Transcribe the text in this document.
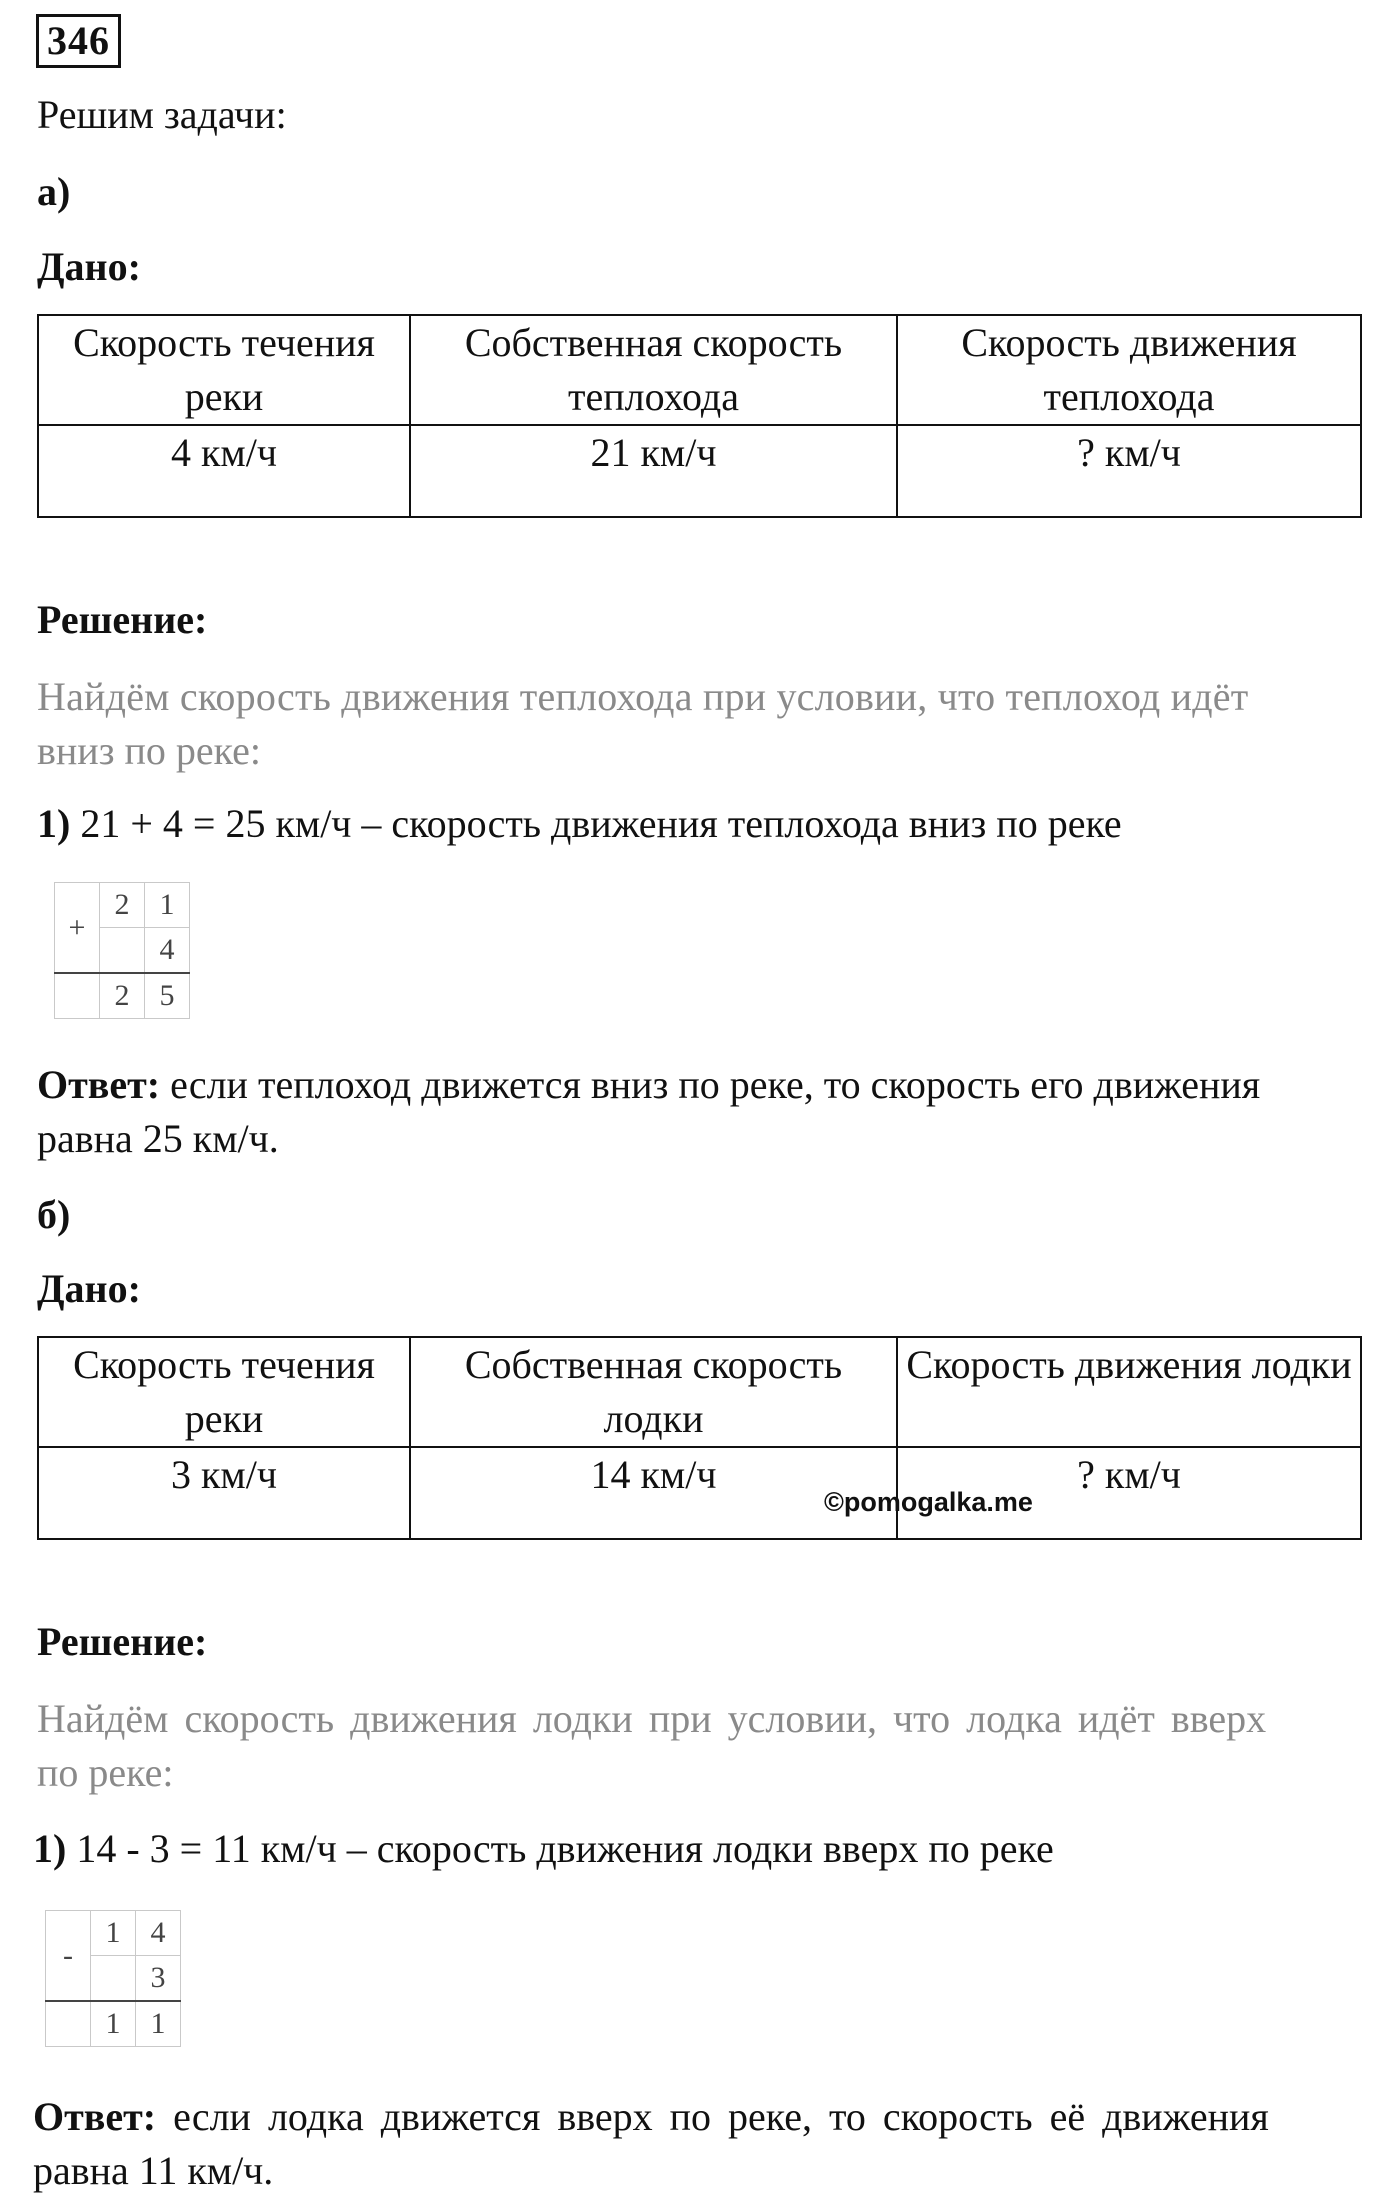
346
Решим задачи:
а)
Дано:
Скорость течения реки	Собственная скорость теплохода	Скорость движения теплохода
4 км/ч	21 км/ч	? км/ч
Решение:
Найдём скорость движения теплохода при условии, что теплоход идёт
вниз по реке:
1) 21 + 4 = 25 км/ч – скорость движения теплохода вниз по реке
+	2	1
		4
	2	5
Ответ: если теплоход движется вниз по реке, то скорость его движения
равна 25 км/ч.
б)
Дано:
Скорость течения реки	Собственная скорость лодки	Скорость движения лодки
3 км/ч	14 км/ч	? км/ч
©pomogalka.me
Решение:
Найдём скорость движения лодки при условии, что лодка идёт вверх
по реке:
1) 14 - 3 = 11 км/ч – скорость движения лодки вверх по реке
-	1	4
		3
	1	1
Ответ: если лодка движется вверх по реке, то скорость её движения
равна 11 км/ч.
